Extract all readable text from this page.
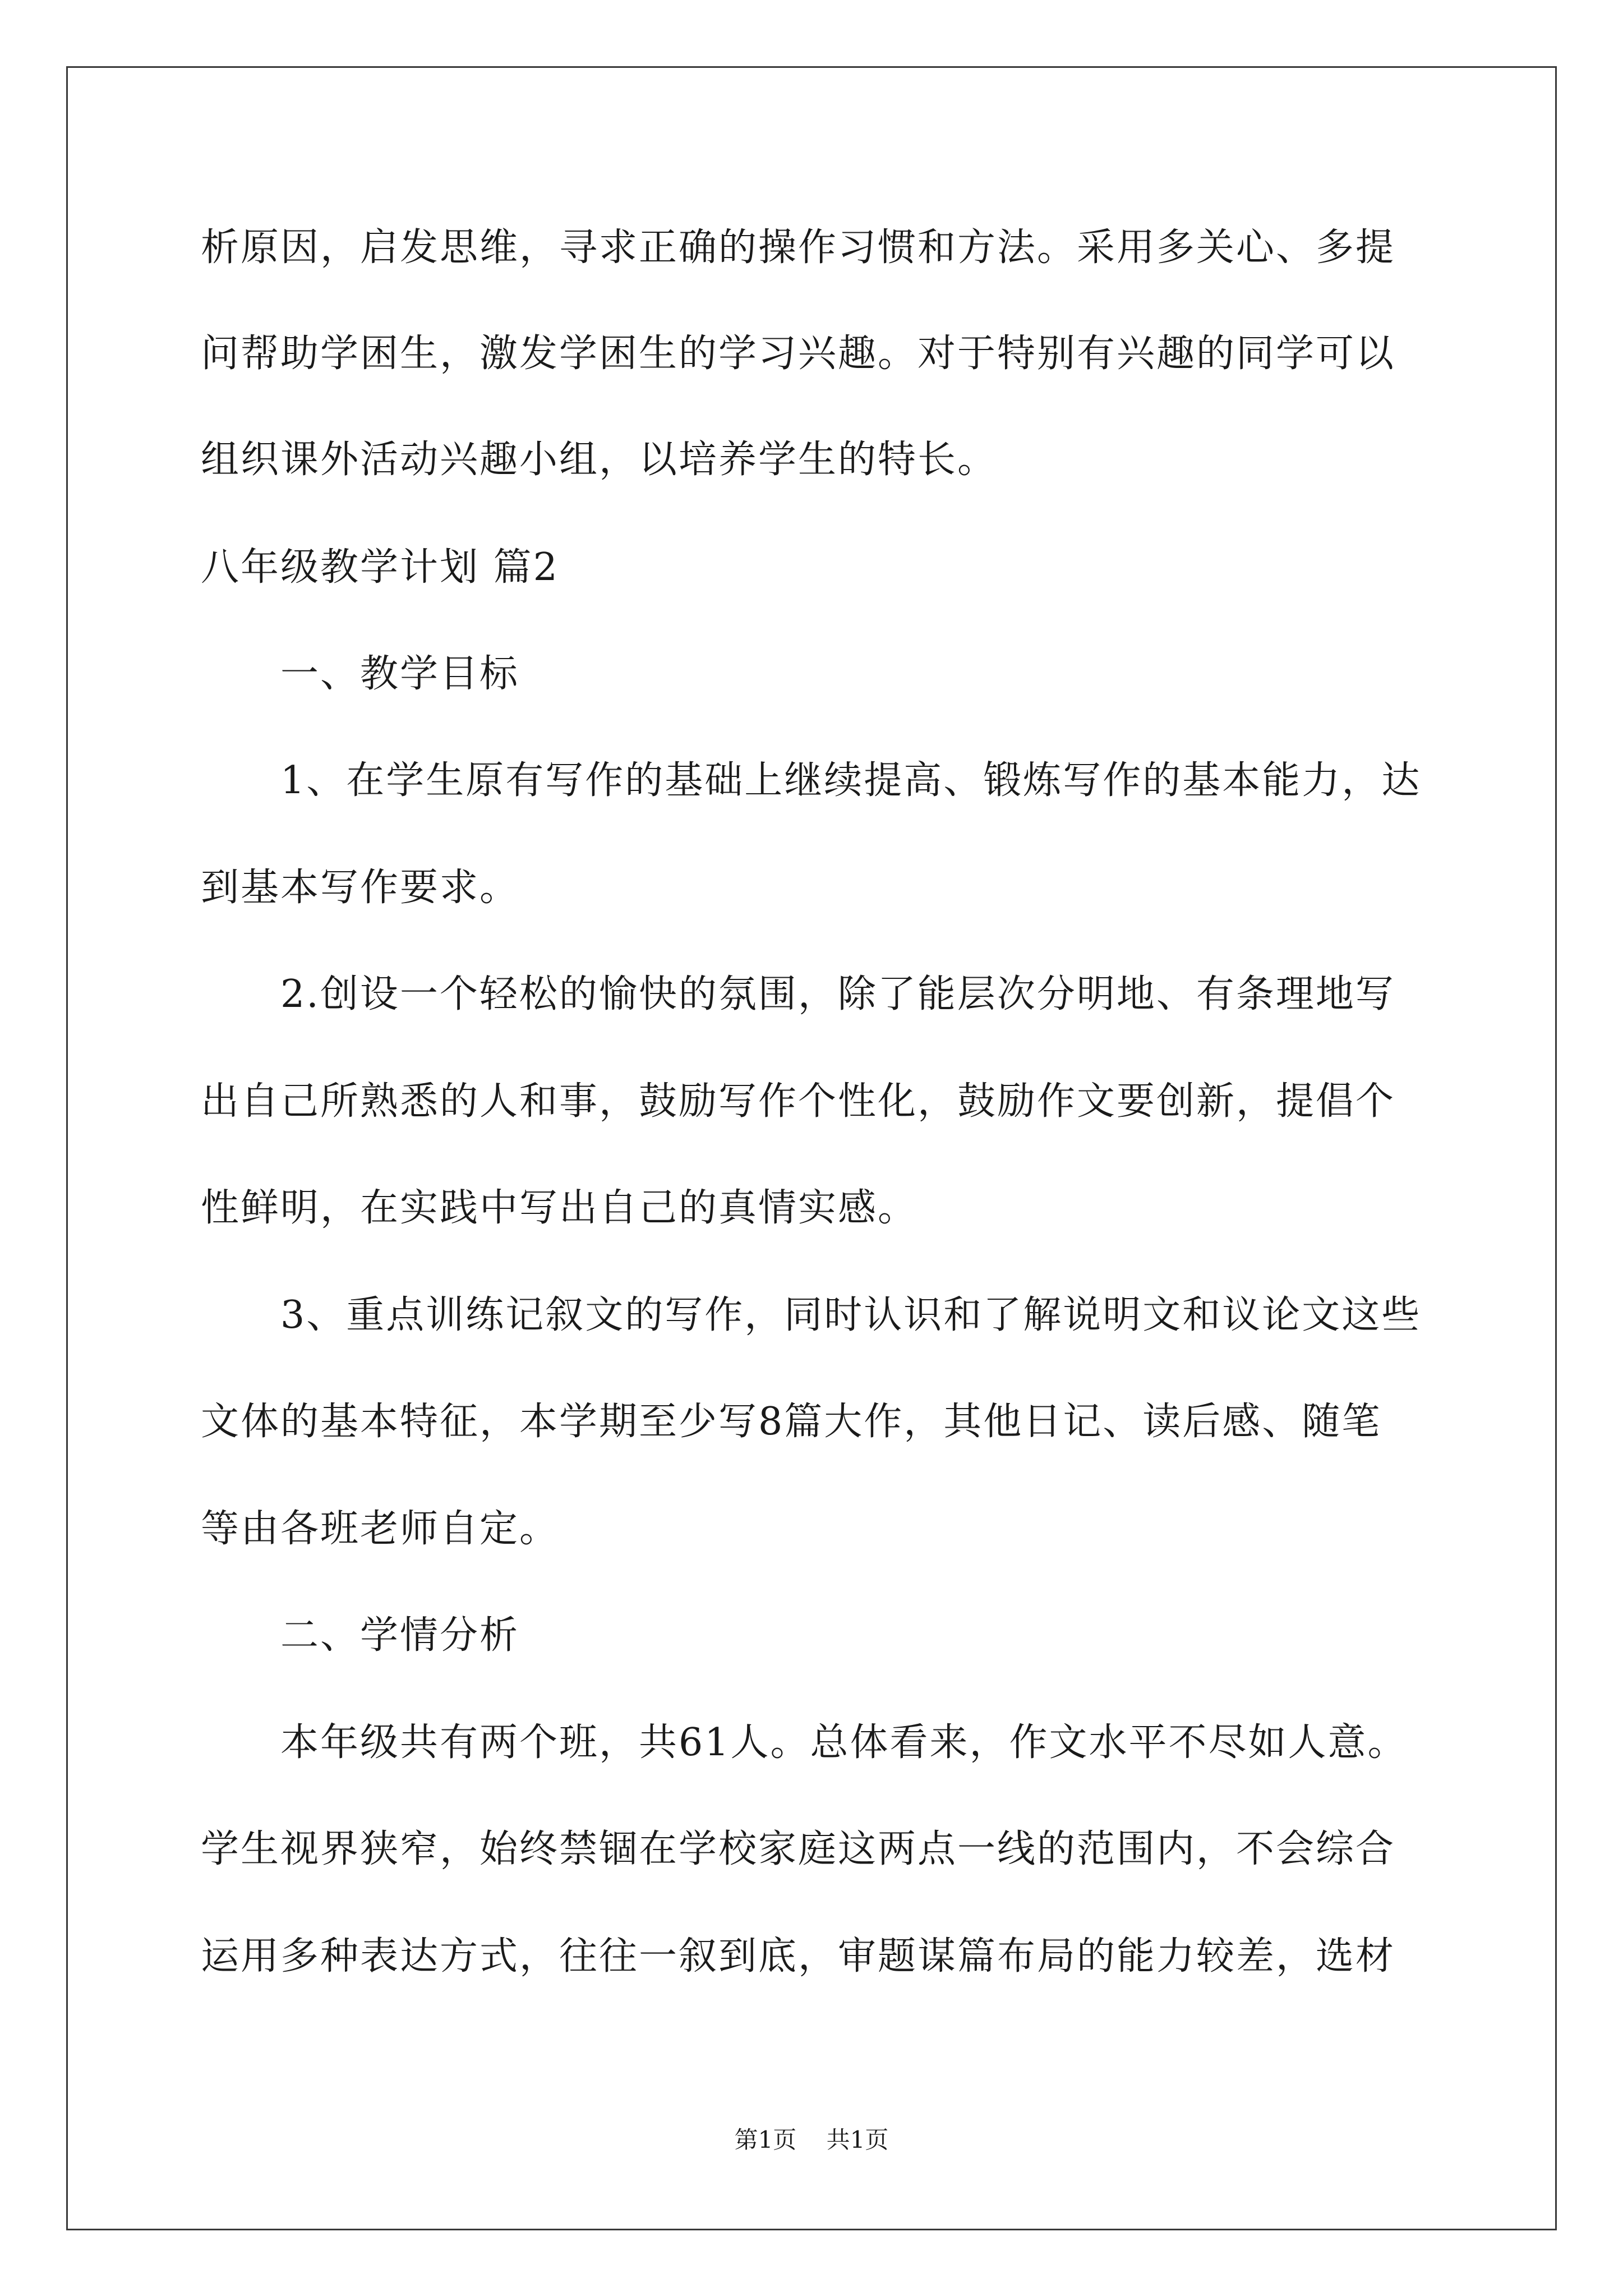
析原因，启发思维，寻求正确的操作习惯和方法。采用多关心、多提
问帮助学困生，激发学困生的学习兴趣。对于特别有兴趣的同学可以
组织课外活动兴趣小组，以培养学生的特长。
八年级教学计划 篇2
　　一、教学目标
　　1、在学生原有写作的基础上继续提高、锻炼写作的基本能力，达
到基本写作要求。
　　2.创设一个轻松的愉快的氛围，除了能层次分明地、有条理地写
出自己所熟悉的人和事，鼓励写作个性化，鼓励作文要创新，提倡个
性鲜明，在实践中写出自己的真情实感。
　　3、重点训练记叙文的写作，同时认识和了解说明文和议论文这些
文体的基本特征，本学期至少写8篇大作，其他日记、读后感、随笔
等由各班老师自定。
　　二、学情分析
　　本年级共有两个班，共61人。总体看来，作文水平不尽如人意。
学生视界狭窄，始终禁锢在学校家庭这两点一线的范围内，不会综合
运用多种表达方式，往往一叙到底，审题谋篇布局的能力较差，选材
第1页 共1页
